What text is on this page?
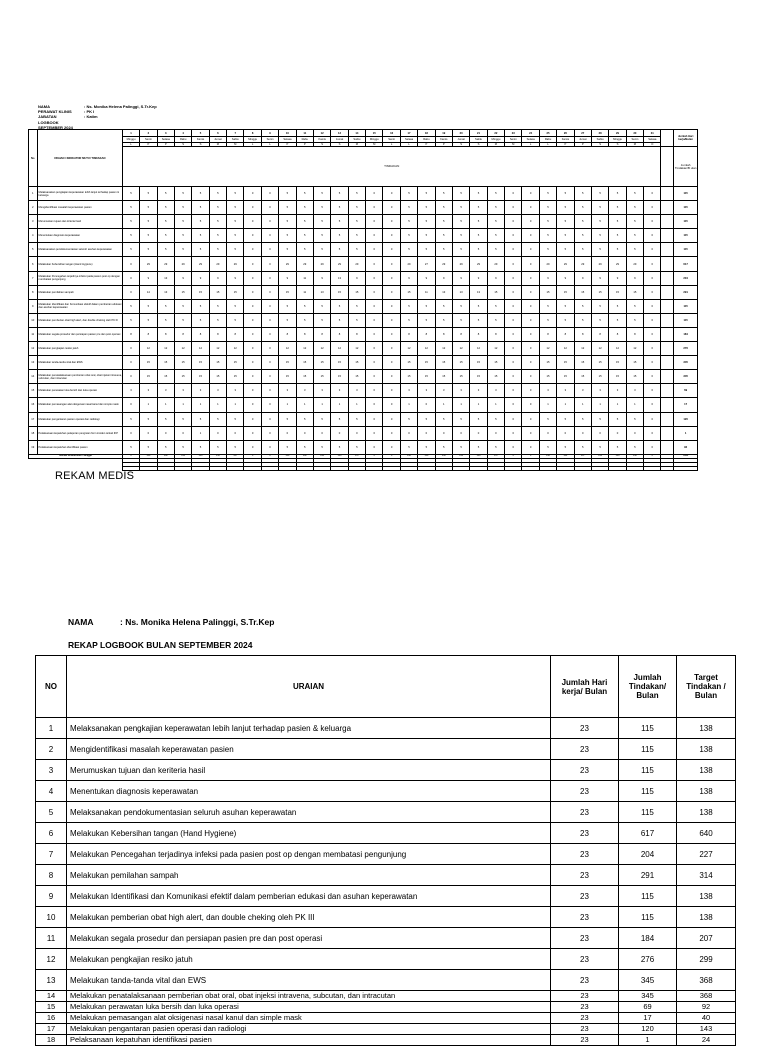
NAMA	: Ns. Monika Helena Palinggi, S.Tr.Kep
PERAWAT KLINIS	: PK I
JABATAN	: Katim
LOGBOOK SEPTEMBER 2024
No	URAIAN / INDIKATOR MUTU/ TINDAKAN	1	2	3	4	5	6	7	8	9	10	11	12	13	14	15	16	17	18	19	20	21	22	23	24	25	26	27	28	29	30	31		Jumlah Hari kerja/Bulan
		Minggu	Senin	Selasa	Rabu	Kamis	Jumat	Sabtu	Minggu	Senin	Selasa	Rabu	Kamis	Jumat	Sabtu	Minggu	Senin	Selasa	Rabu	Kamis	Jumat	Sabtu	Minggu	Senin	Selasa	Rabu	Kamis	Jumat	Sabtu	Minggu	Senin	Selasa		
		L	P	P	S	S	M	M	L	L	P	P	S	S	M	M	L	L	P	P	S	S	M	M	L	L	P	P	S	S	M	O		
		TINDAKAN																																Jumlah Tindakan/B ulan
1	Melaksanakan pengkajian keperawatan lebih lanjut terhadap pasien & keluarga	5	5	5	5	5	5	5	0	0	5	5	5	5	5	0	0	5	5	5	5	5	5	0	0	5	5	5	5	5	5	0		115
2	Mengidentifikasi masalah keperawatan pasien	5	5	5	5	5	5	5	0	0	5	5	5	5	5	0	0	5	5	5	5	5	5	0	0	5	5	5	5	5	5	0		115
3	Merumuskan tujuan dan kriteria hasil	5	5	5	5	5	5	5	0	0	5	5	5	5	5	0	0	5	5	5	5	5	5	0	0	5	5	5	5	5	5	0		115
4	Menentukan diagnosis keperawatan	5	5	5	5	5	5	5	0	0	5	5	5	5	5	0	0	5	5	5	5	5	5	0	0	5	5	5	5	5	5	0		115
5	Melaksanakan pendokumentasian seluruh asuhan keperawatan	5	5	5	5	5	5	5	0	0	5	5	5	5	5	0	0	5	5	5	5	5	5	0	0	5	5	5	5	5	5	0		115
6	Melakukan Kebersihan tangan (Hand Hygiene)	0	29	29	29	29	29	29	0	0	29	29	29	29	29	0	0	29	27	29	29	29	29	0	0	29	29	29	29	29	29	0		617
7	Melakukan Pencegahan terjadinya infeksi pada pasien post op dengan membatasi pengunjung	0	9	13	9	9	9	9	0	0	9	11	9	13	9	0	0	9	9	9	9	9	9	0	0	9	9	9	9	9	9	0		204
8	Melakukan pemilahan sampah	0	14	13	15	15	15	15	0	0	15	11	13	15	15	0	0	15	11	13	13	13	15	0	0	15	15	15	15	15	15	0		291
9	Melakukan Identifikasi dan Komunikasi efektif dalam pemberian edukasi dan asuhan keperawatan	5	5	5	5	5	5	5	0	0	5	5	5	5	5	0	0	5	5	5	5	5	5	0	0	5	5	5	5	5	5	0		115
10	Melakukan pemberian obat high alert, dan double cheking oleh PK III	5	5	5	5	5	5	5	0	0	5	5	5	5	5	0	0	5	5	5	5	5	5	0	0	5	5	5	5	5	5	0		115
11	Melakukan segala prosedur dan persiapan pasien pre dan post operasi	8	8	8	8	8	8	8	0	0	8	8	8	8	8	0	0	8	8	8	8	8	8	0	0	8	8	8	8	8	8	0		184
12	Melakukan pengkajian resiko jatuh	0	12	12	12	12	12	12	0	0	12	12	12	12	12	0	0	12	12	12	12	12	12	0	0	12	12	12	12	12	12	0		276
13	Melakukan tanda-tanda vital dan EWS	0	15	15	15	15	15	15	0	0	15	15	15	15	15	0	0	15	15	15	15	15	15	0	0	15	15	15	15	15	15	0		345
14	Melakukan penatalaksanaan pemberian obat oral, obat injeksi intravena, subcutan, dan intracutan	0	15	15	15	15	15	15	0	0	15	15	15	15	15	0	0	15	15	15	15	15	15	0	0	15	15	15	15	15	15	0		345
15	Melakukan perawatan luka bersih dan luka operasi	3	3	3	3	3	3	3	0	0	3	3	3	3	3	0	0	3	3	3	3	3	3	0	0	3	3	3	3	3	3	0		69
16	Melakukan pemasangan alat oksigenasi nasal kanul dan simple mask	0	1	1	1	1	1	1	0	0	1	1	1	1	1	0	0	1	0	1	1	1	1	0	0	1	1	1	1	1	1	0		17
17	Melakukan pengantaran pasien operasi dan radiologi	5	5	5	5	5	5	5	0	0	5	5	5	5	5	0	0	5	5	5	5	5	5	0	0	5	5	5	5	5	5	0		120
18	Pelaksanaan kepatuhan pelaporan pengisian form insiden terkait IKP	0	0	0	0	1	0	0	0	0	0	0	0	0	0	0	0	0	0	0	0	0	0	0	0	0	0	0	0	0	0	0		1
19	Pelaksanaan kepatuhan identifikasi pasien	5	5	5	5	5	5	5	0	0	5	5	5	5	5	0	0	5	5	5	5	5	5	0	0	5	5	5	5	5	5	0		92
Jumlah Keseluruhan / Minggu		0	138	142	146	138	150	147	0	0	138	142	140	138	147	0	0	138	138	138	138	138	147	0	0	138	142	147	138	138	138	0		3444

REKAM MEDIS
NAMA	: Ns. Monika Helena Palinggi, S.Tr.Kep
REKAP LOGBOOK BULAN SEPTEMBER 2024
NO	URAIAN	Jumlah Hari kerja/ Bulan	Jumlah Tindakan/ Bulan	Target Tindakan / Bulan
1	Melaksanakan pengkajian keperawatan lebih lanjut terhadap pasien & keluarga	23	115	138
2	Mengidentifikasi masalah keperawatan pasien	23	115	138
3	Merumuskan tujuan dan keriteria hasil	23	115	138
4	Menentukan diagnosis keperawatan	23	115	138
5	Melaksanakan pendokumentasian seluruh asuhan keperawatan	23	115	138
6	Melakukan Kebersihan tangan (Hand Hygiene)	23	617	640
7	Melakukan Pencegahan terjadinya infeksi pada pasien post op dengan membatasi pengunjung	23	204	227
8	Melakukan pemilahan sampah	23	291	314
9	Melakukan Identifikasi dan Komunikasi efektif dalam pemberian edukasi dan asuhan keperawatan	23	115	138
10	Melakukan pemberian obat high alert, dan double cheking oleh PK III	23	115	138
11	Melakukan segala prosedur dan persiapan pasien pre dan post operasi	23	184	207
12	Melakukan pengkajian resiko jatuh	23	276	299
13	Melakukan tanda-tanda vital dan EWS	23	345	368
14	Melakukan penatalaksanaan pemberian obat oral, obat injeksi intravena, subcutan, dan intracutan	23	345	368
15	Melakukan perawatan luka bersih dan luka operasi	23	69	92
16	Melakukan pemasangan alat oksigenasi nasal kanul dan simple mask	23	17	40
17	Melakukan pengantaran pasien operasi dan radiologi	23	120	143
18	Pelaksanaan kepatuhan identifikasi pasien	23	1	24
